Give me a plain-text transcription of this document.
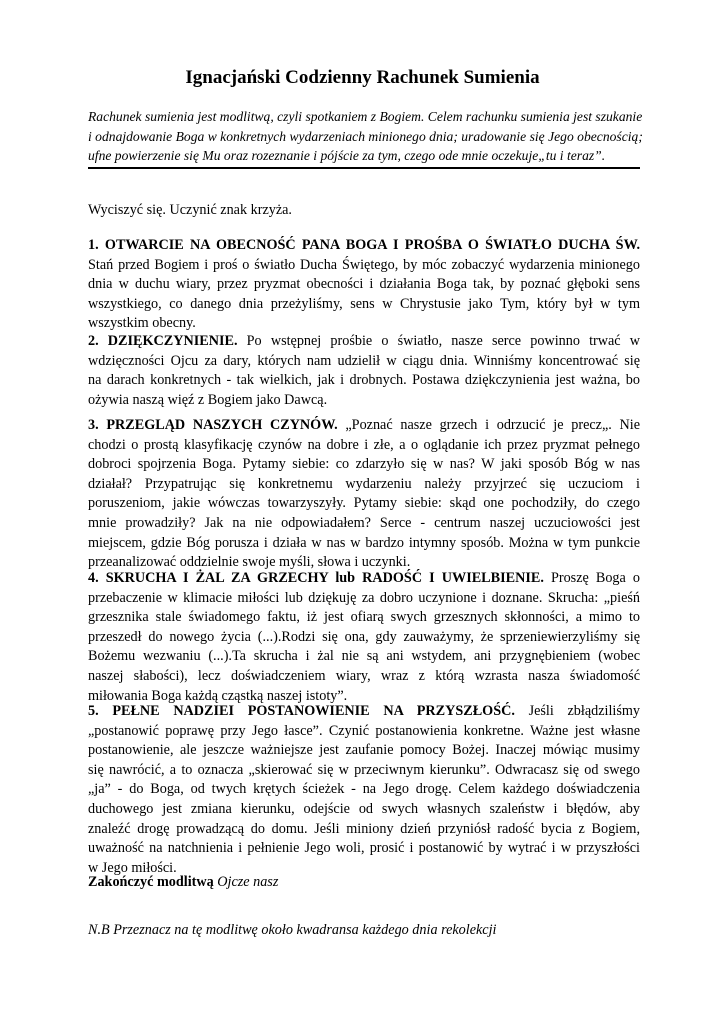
Ignacjański Codzienny Rachunek Sumienia
Rachunek sumienia jest modlitwą, czyli spotkaniem z Bogiem. Celem rachunku sumienia jest szukanie
i odnajdowanie Boga w konkretnych wydarzeniach minionego dnia; uradowanie się Jego obecnością;
ufne powierzenie się Mu oraz rozeznanie i pójście za tym, czego ode mnie oczekuje„tu i teraz”.

Wyciszyć się. Uczynić znak krzyża.

1. OTWARCIE NA OBECNOŚĆ PANA BOGA I PROŚBA O ŚWIATŁO DUCHA ŚW.
Stań przed Bogiem i proś o światło Ducha Świętego, by móc zobaczyć wydarzenia minionego
dnia w duchu wiary, przez pryzmat obecności i działania Boga tak, by poznać głęboki sens
wszystkiego, co danego dnia przeżyliśmy, sens w Chrystusie jako Tym, który był w tym
wszystkim obecny.
2. DZIĘKCZYNIENIE. Po wstępnej prośbie o światło, nasze serce powinno trwać w
wdzięczności Ojcu za dary, których nam udzielił w ciągu dnia. Winniśmy koncentrować się
na darach konkretnych - tak wielkich, jak i drobnych. Postawa dziękczynienia jest ważna, bo
ożywia naszą więź z Bogiem jako Dawcą.
3. PRZEGLĄD NASZYCH CZYNÓW. „Poznać nasze grzech i odrzucić je precz„. Nie
chodzi o prostą klasyfikację czynów na dobre i złe, a o oglądanie ich przez pryzmat pełnego
dobroci spojrzenia Boga. Pytamy siebie: co zdarzyło się w nas? W jaki sposób Bóg w nas
działał? Przypatrując się konkretnemu wydarzeniu należy przyjrzeć się uczuciom i
poruszeniom, jakie wówczas towarzyszyły. Pytamy siebie: skąd one pochodziły, do czego
mnie prowadziły? Jak na nie odpowiadałem? Serce - centrum naszej uczuciowości jest
miejscem, gdzie Bóg porusza i działa w nas w bardzo intymny sposób. Można w tym punkcie
przeanalizować oddzielnie swoje myśli, słowa i uczynki.
4. SKRUCHA I ŻAL ZA GRZECHY lub RADOŚĆ I UWIELBIENIE. Proszę Boga o
przebaczenie w klimacie miłości lub dziękuję za dobro uczynione i doznane. Skrucha: „pieśń
grzesznika stale świadomego faktu, iż jest ofiarą swych grzesznych skłonności, a mimo to
przeszedł do nowego życia (...).Rodzi się ona, gdy zauważymy, że sprzeniewierzyliśmy się
Bożemu wezwaniu (...).Ta skrucha i żal nie są ani wstydem, ani przygnębieniem (wobec
naszej słabości), lecz doświadczeniem wiary, wraz z którą wzrasta nasza świadomość
miłowania Boga każdą cząstką naszej istoty”.
5. PEŁNE NADZIEI POSTANOWIENIE NA PRZYSZŁOŚĆ. Jeśli zbłądziliśmy
„postanowić poprawę przy Jego łasce”. Czynić postanowienia konkretne. Ważne jest własne
postanowienie, ale jeszcze ważniejsze jest zaufanie pomocy Bożej. Inaczej mówiąc musimy
się nawrócić, a to oznacza „skierować się w przeciwnym kierunku”. Odwracasz się od swego
„ja” - do Boga, od twych krętych ścieżek - na Jego drogę. Celem każdego doświadczenia
duchowego jest zmiana kierunku, odejście od swych własnych szaleństw i błędów, aby
znaleźć drogę prowadzącą do domu. Jeśli miniony dzień przyniósł radość bycia z Bogiem,
uważność na natchnienia i pełnienie Jego woli, prosić i postanowić by wytrać i w przyszłości
w Jego miłości.

Zakończyć modlitwą Ojcze nasz

N.B Przeznacz na tę modlitwę około kwadransa każdego dnia rekolekcji
